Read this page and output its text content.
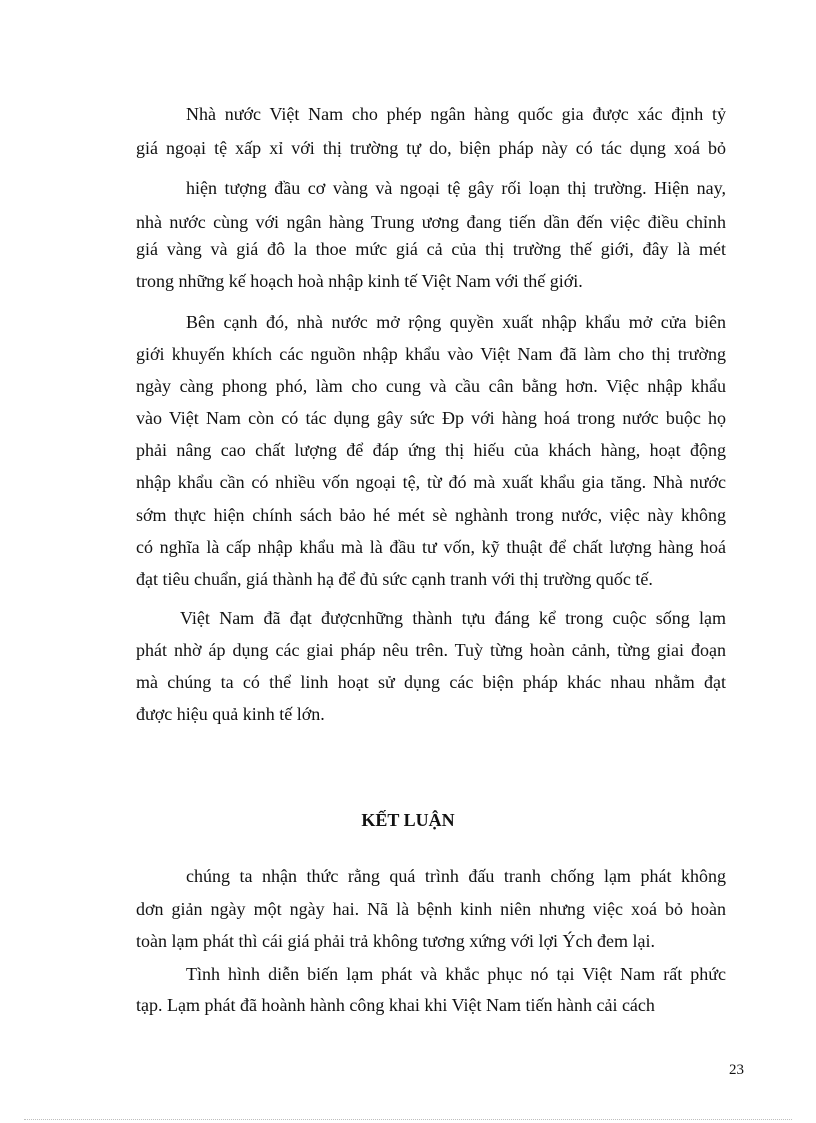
Nhà nước Việt Nam cho phép ngân hàng quốc gia được xác định tỷ
giá ngoại tệ xấp xỉ với thị trường tự do, biện pháp này có tác dụng xoá bỏ
hiện tượng đầu cơ vàng và ngoại tệ gây rối loạn thị trường. Hiện nay,
nhà nước cùng với ngân hàng Trung ương đang tiến dần đến việc điều chỉnh
giá vàng và giá đô la thoe mức giá cả của thị trường thế giới, đây là mét
trong những kế hoạch hoà nhập kinh tế Việt Nam với thế giới.
Bên cạnh đó, nhà nước mở rộng quyền xuất nhập khẩu mở cửa biên
giới khuyến khích các nguồn nhập khẩu vào Việt Nam đã làm cho thị trường
ngày càng phong phó, làm cho cung và cầu cân bằng hơn. Việc nhập khẩu
vào Việt Nam còn có tác dụng gây sức Ðp với hàng hoá trong nước buộc họ
phải nâng cao chất lượng để đáp ứng thị hiếu của khách hàng, hoạt động
nhập khẩu cần có nhiều vốn ngoại tệ, từ đó mà xuất khẩu gia tăng. Nhà nước
sớm thực hiện chính sách bảo hé mét sè nghành trong nước, việc này không
có nghĩa là cấp nhập khẩu mà là đầu tư vốn, kỹ thuật để chất lượng hàng hoá
đạt tiêu chuẩn, giá thành hạ để đủ sức cạnh tranh với thị trường quốc tế.
Việt Nam đã đạt đượcnhững thành tựu đáng kể trong cuộc sống lạm
phát nhờ áp dụng các giai pháp nêu trên. Tuỳ từng hoàn cảnh, từng giai đoạn
mà chúng ta có thể linh hoạt sử dụng các biện pháp khác nhau nhằm đạt
được hiệu quả kinh tế lớn.
KẾT LUẬN
chúng ta nhận thức rằng quá trình đấu tranh chống lạm phát không
dơn giản ngày một ngày hai. Nã là bệnh kinh niên nhưng việc xoá bỏ hoàn
toàn lạm phát thì cái giá phải trả không tương xứng với lợi Ých đem lại.
Tình hình diễn biến lạm phát và khắc phục nó tại Việt Nam rất phức
tạp. Lạm phát đã hoành hành công khai khi Việt Nam tiến hành cải cách
23
